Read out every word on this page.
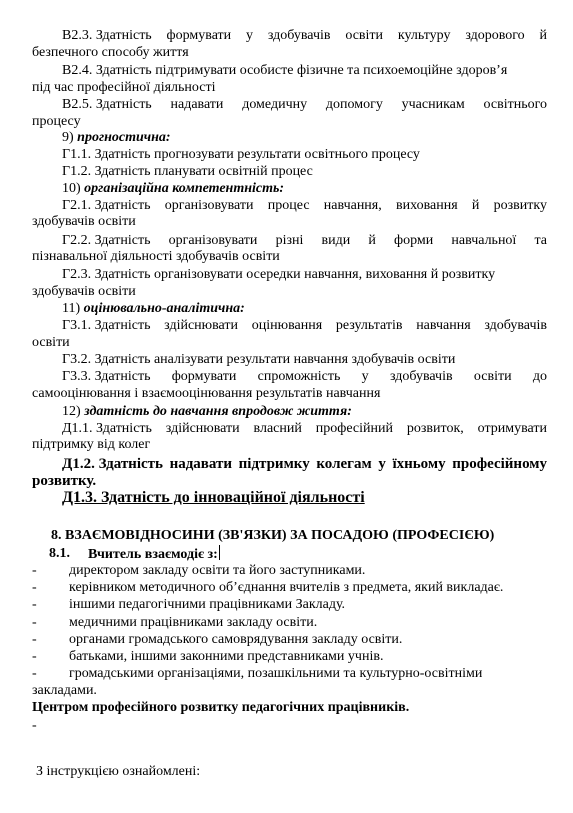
В2.3. Здатність формувати у здобувачів освіти культуру здорового й
безпечного способу життя
В2.4. Здатність підтримувати особисте фізичне та психоемоційне здоров’я
під час професійної діяльності
В2.5. Здатність надавати домедичну допомогу учасникам освітнього
процесу
9) прогностична:
Г1.1. Здатність прогнозувати результати освітнього процесу
Г1.2. Здатність планувати освітній процес
10) організаційна компетентність:
Г2.1. Здатність організовувати процес навчання, виховання й розвитку
здобувачів освіти
Г2.2. Здатність організовувати різні види й форми навчальної та
пізнавальної діяльності здобувачів освіти
Г2.3. Здатність організовувати осередки навчання, виховання й розвитку
здобувачів освіти
11) оцінювально-аналітична:
Г3.1. Здатність здійснювати оцінювання результатів навчання здобувачів
освіти
Г3.2. Здатність аналізувати результати навчання здобувачів освіти
Г3.3. Здатність формувати спроможність у здобувачів освіти до
самооцінювання і взаємооцінювання результатів навчання
12) здатність до навчання впродовж життя:
Д1.1. Здатність здійснювати власний професійний розвиток, отримувати
підтримку від колег
Д1.2. Здатність надавати підтримку колегам у їхньому професійному
розвитку.
Д1.3. Здатність до інноваційної діяльності
8. ВЗАЄМОВІДНОСИНИ (ЗВ'ЯЗКИ) ЗА ПОСАДОЮ (ПРОФЕСІЄЮ)
8.1. Вчитель взаємодіє з:
- директором закладу освіти та його заступниками.
- керівником методичного об’єднання вчителів з предмета, який викладає.
- іншими педагогічними працівниками Закладу.
- медичними працівниками закладу освіти.
- органами громадського самоврядування закладу освіти.
- батьками, іншими законними представниками учнів.
- громадськими організаціями, позашкільними та культурно-освітніми
закладами.
Центром професійного розвитку педагогічних працівників.
-
З інструкцією ознайомлені:
